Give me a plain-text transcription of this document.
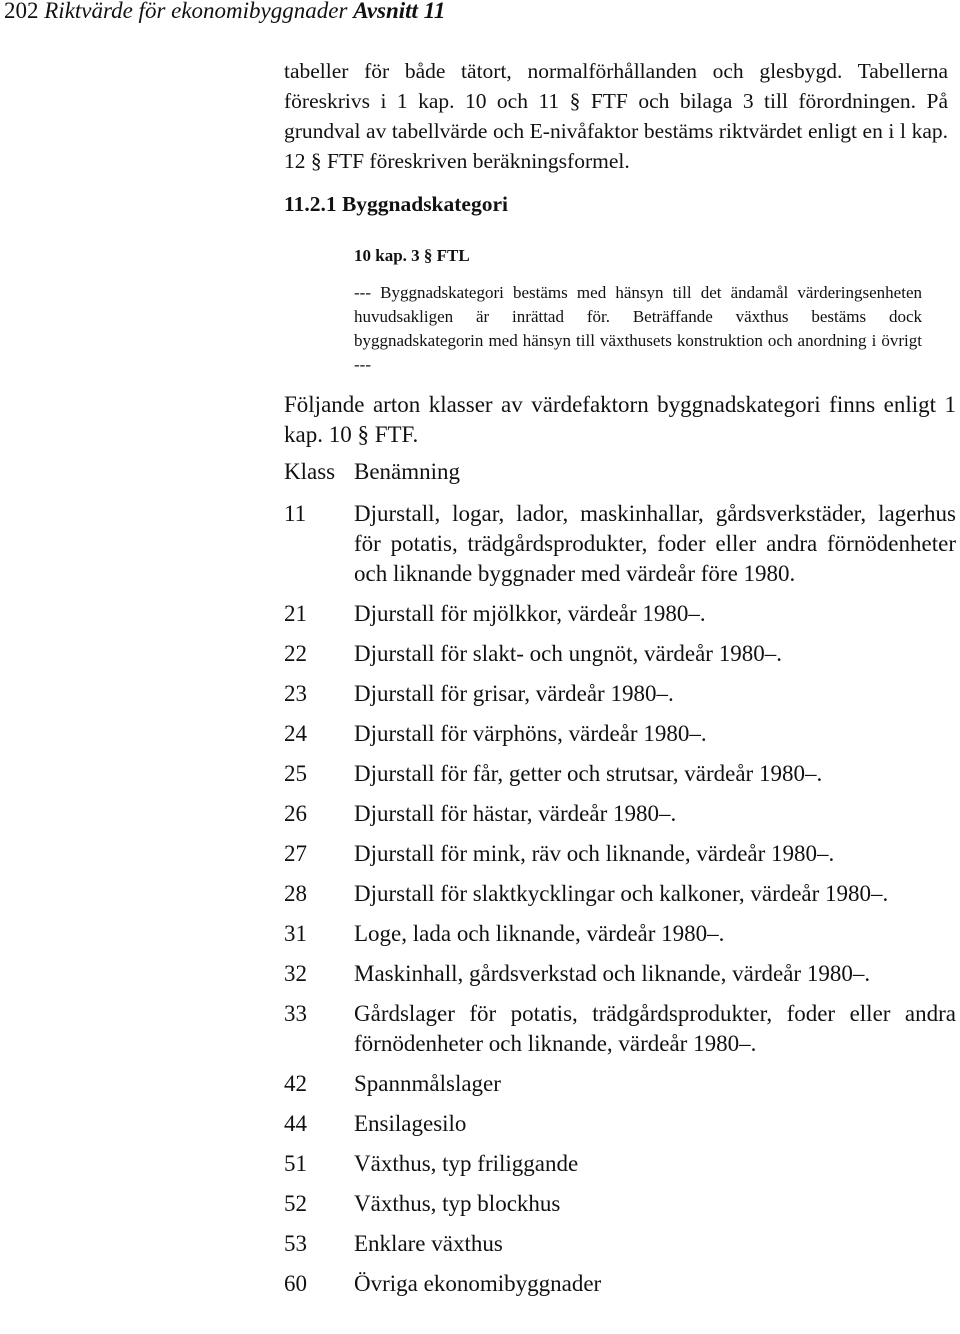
202 Riktvärde för ekonomibyggnader Avsnitt 11
tabeller för både tätort, normalförhållanden och glesbygd. Tabellerna föreskrivs i 1 kap. 10 och 11 § FTF och bilaga 3 till förordningen. På grundval av tabellvärde och E-nivåfaktor bestäms riktvärdet enligt en i l kap. 12 § FTF föreskriven beräkningsformel.
11.2.1 Byggnadskategori
10 kap. 3 § FTL
--- Byggnadskategori bestäms med hänsyn till det ändamål värderingsenheten huvudsakligen är inrättad för. Beträffande växthus bestäms dock byggnadskategorin med hänsyn till växthusets konstruktion och anordning i övrigt ---
Följande arton klasser av värdefaktorn byggnadskategori finns enligt 1 kap. 10 § FTF.
Klass Benämning
11	Djurstall, logar, lador, maskinhallar, gårdsverkstäder, lagerhus för potatis, trädgårdsprodukter, foder eller andra förnödenheter och liknande byggnader med värdeår före 1980.
21	Djurstall för mjölkkor, värdeår 1980–.
22	Djurstall för slakt- och ungnöt, värdeår 1980–.
23	Djurstall för grisar, värdeår 1980–.
24	Djurstall för värphöns, värdeår 1980–.
25	Djurstall för får, getter och strutsar, värdeår 1980–.
26	Djurstall för hästar, värdeår 1980–.
27	Djurstall för mink, räv och liknande, värdeår 1980–.
28	Djurstall för slaktkycklingar och kalkoner, värdeår 1980–.
31	Loge, lada och liknande, värdeår 1980–.
32	Maskinhall, gårdsverkstad och liknande, värdeår 1980–.
33	Gårdslager för potatis, trädgårdsprodukter, foder eller andra förnödenheter och liknande, värdeår 1980–.
42	Spannmålslager
44	Ensilagesilo
51	Växthus, typ friliggande
52	Växthus, typ blockhus
53	Enklare växthus
60	Övriga ekonomibyggnader
